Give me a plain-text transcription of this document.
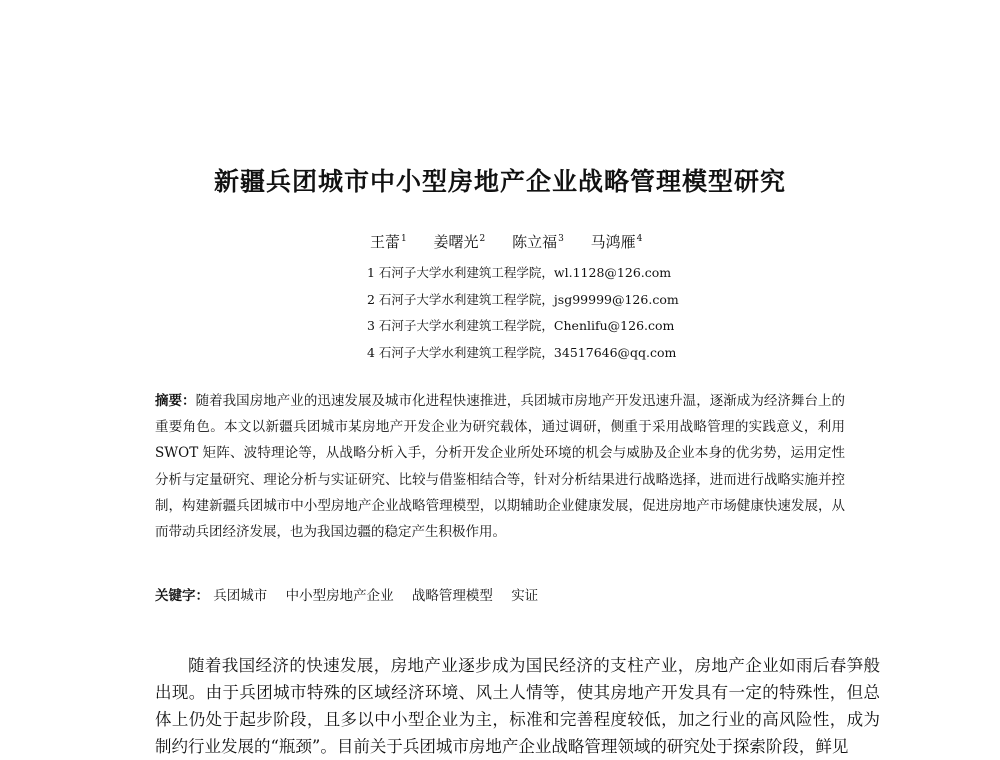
新疆兵团城市中小型房地产企业战略管理模型研究
王蕾$^1$ 姜曙光$^2$ 陈立福$^3$ 马鸿雁$^4$
1 石河子大学水利建筑工程学院，wl.1128@126.com
2 石河子大学水利建筑工程学院，jsg99999@126.com
3 石河子大学水利建筑工程学院，Chenlifu@126.com
4 石河子大学水利建筑工程学院，34517646@qq.com
摘要：随着我国房地产业的迅速发展及城市化进程快速推进，兵团城市房地产开发迅速升温，逐渐成为经济舞台上的重要角色。本文以新疆兵团城市某房地产开发企业为研究载体，通过调研，侧重于采用战略管理的实践意义，利用 SWOT 矩阵、波特理论等，从战略分析入手，分析开发企业所处环境的机会与威胁及企业本身的优劣势，运用定性分析与定量研究、理论分析与实证研究、比较与借鉴相结合等，针对分析结果进行战略选择，进而进行战略实施并控制，构建新疆兵团城市中小型房地产企业战略管理模型，以期辅助企业健康发展，促进房地产市场健康快速发展，从而带动兵团经济发展，也为我国边疆的稳定产生积极作用。
关键字： 兵团城市 中小型房地产企业 战略管理模型 实证
随着我国经济的快速发展，房地产业逐步成为国民经济的支柱产业，房地产企业如雨后春笋般出现。由于兵团城市特殊的区域经济环境、风土人情等，使其房地产开发具有一定的特殊性，但总体上仍处于起步阶段，且多以中小型企业为主，标准和完善程度较低，加之行业的高风险性，成为制约行业发展的“瓶颈”。目前关于兵团城市房地产企业战略管理领域的研究处于探索阶段，鲜见
